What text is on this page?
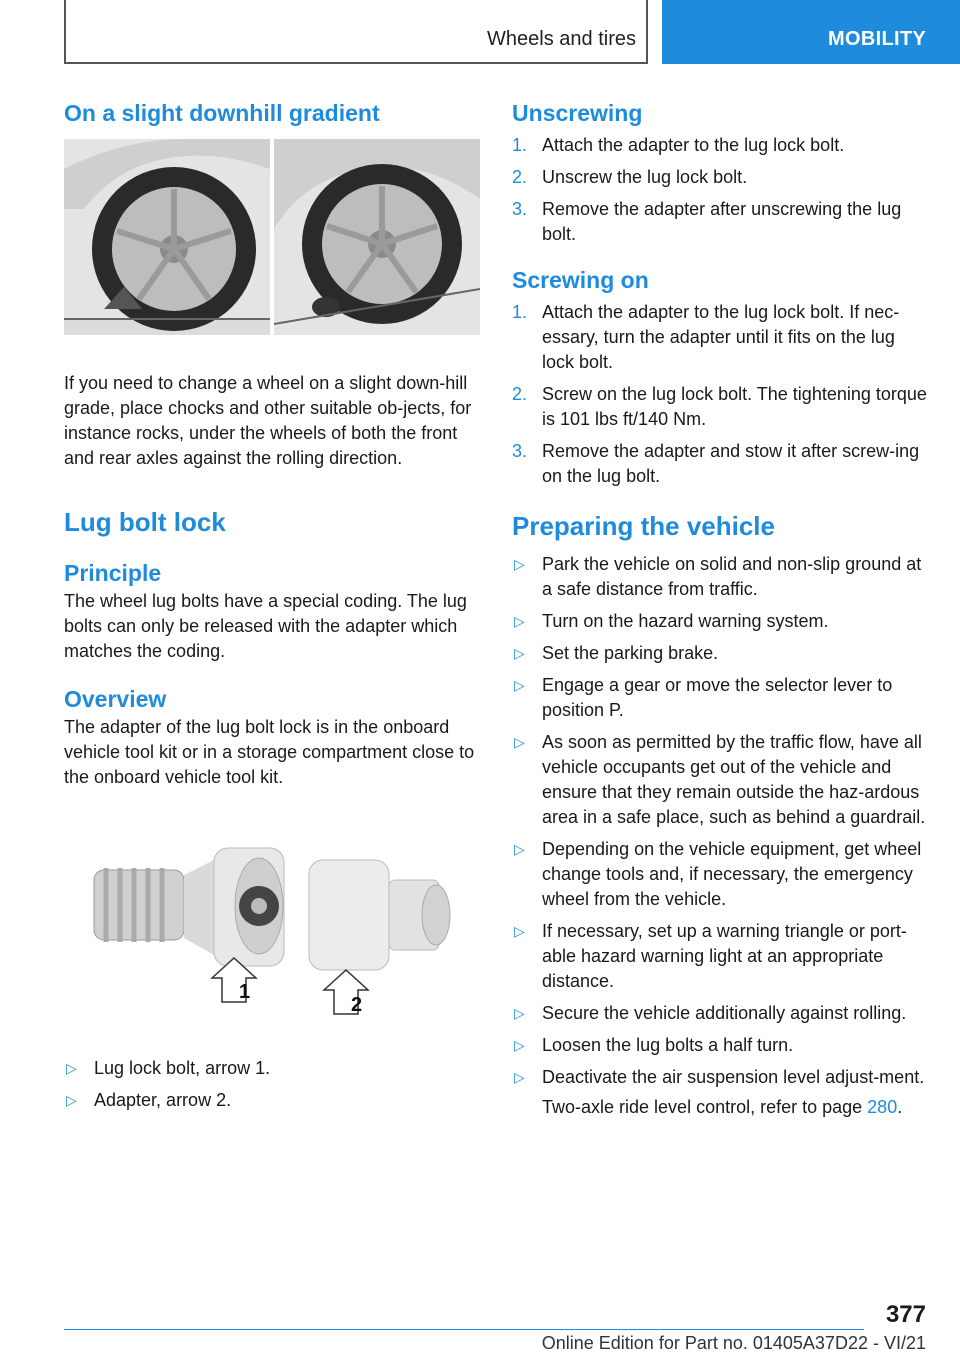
Wheels and tires	MOBILITY
On a slight downhill gradient

If you need to change a wheel on a slight down‐hill grade, place chocks and other suitable ob‐jects, for instance rocks, under the wheels of both the front and rear axles against the rolling direction.

Lug bolt lock
Principle

The wheel lug bolts have a special coding. The lug bolts can only be released with the adapter which matches the coding.

Overview

The adapter of the lug bolt lock is in the onboard vehicle tool kit or in a storage compartment close to the onboard vehicle tool kit.

1
2
▷ Lug lock bolt, arrow 1.
▷ Adapter, arrow 2.
Unscrewing
1. Attach the adapter to the lug lock bolt.
2. Unscrew the lug lock bolt.
3. Remove the adapter after unscrewing the lug bolt.
Screwing on
1. Attach the adapter to the lug lock bolt. If nec‐essary, turn the adapter until it fits on the lug lock bolt.
2. Screw on the lug lock bolt. The tightening torque is 101 lbs ft/140 Nm.
3. Remove the adapter and stow it after screw‐ing on the lug bolt.
Preparing the vehicle
▷ Park the vehicle on solid and non-slip ground at a safe distance from traffic.
▷ Turn on the hazard warning system.
▷ Set the parking brake.
▷ Engage a gear or move the selector lever to position P.
▷ As soon as permitted by the traffic flow, have all vehicle occupants get out of the vehicle and ensure that they remain outside the haz‐ardous area in a safe place, such as behind a guardrail.
▷ Depending on the vehicle equipment, get wheel change tools and, if necessary, the emergency wheel from the vehicle.
▷ If necessary, set up a warning triangle or port‐able hazard warning light at an appropriate distance.
▷ Secure the vehicle additionally against rolling.
▷ Loosen the lug bolts a half turn.
▷ Deactivate the air suspension level adjust‐ment.

Two-axle ride level control, refer to page 280.

377
Online Edition for Part no. 01405A37D22 - VI/21
